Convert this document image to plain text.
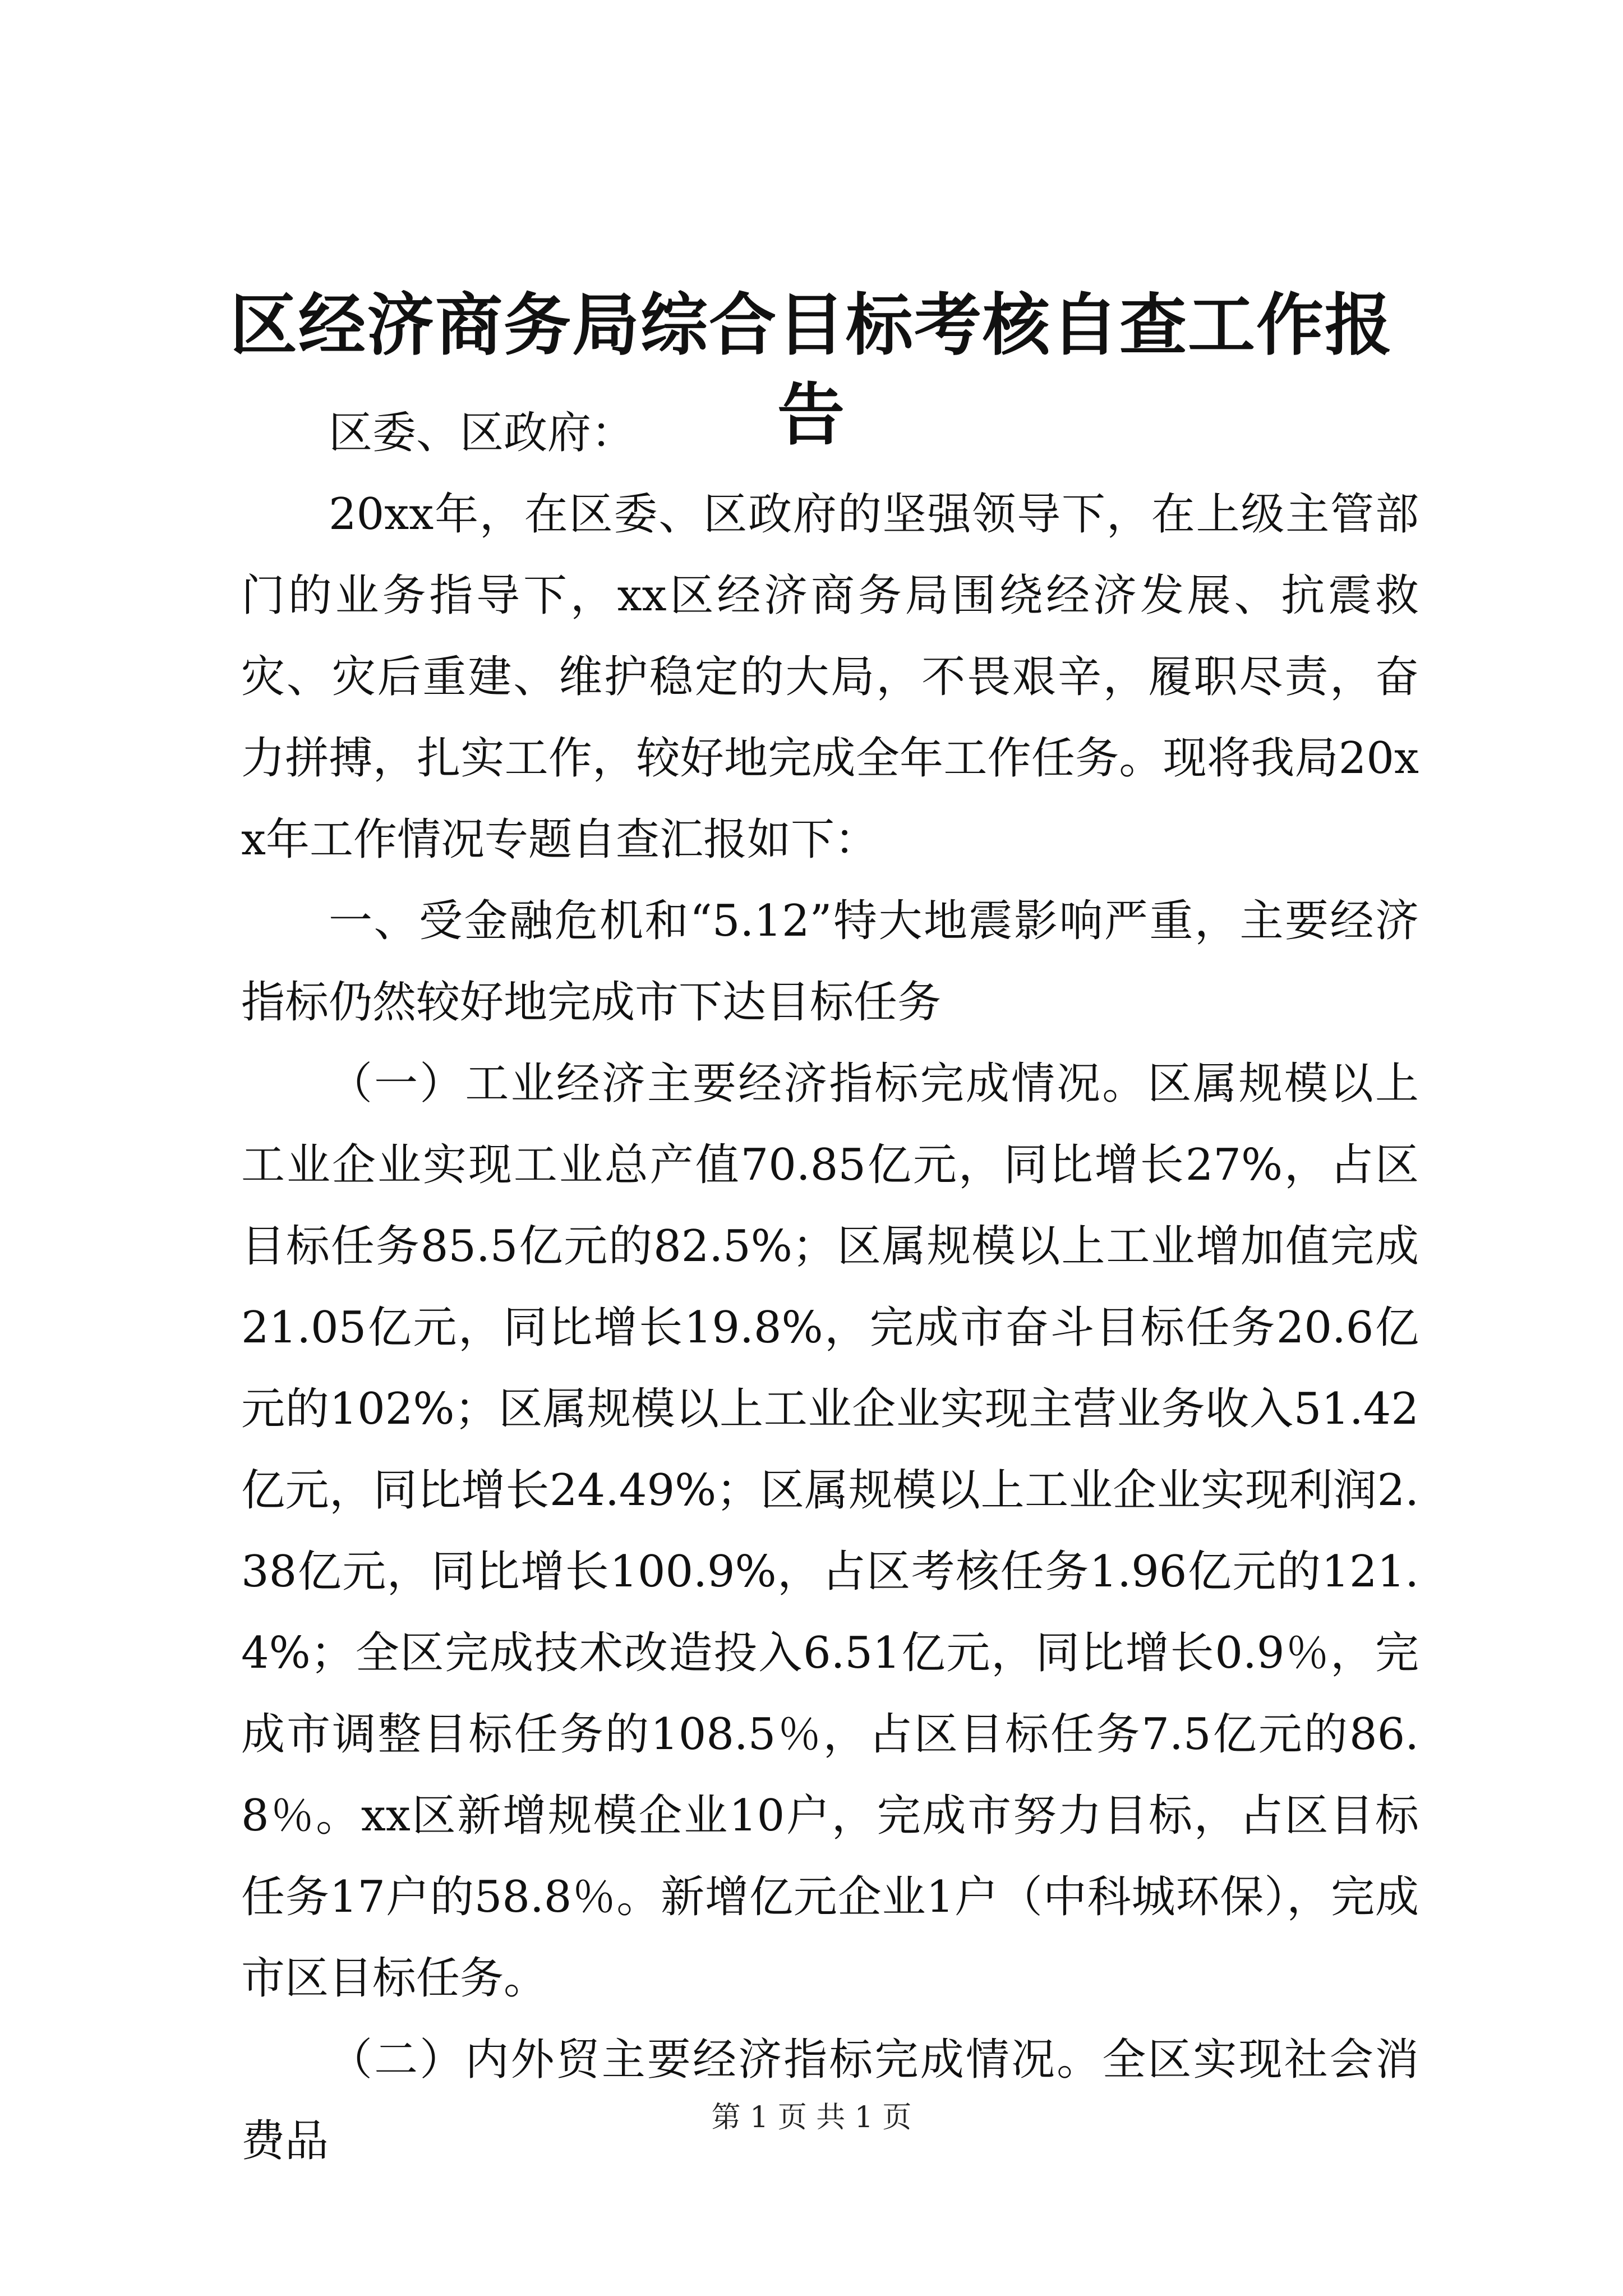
区经济商务局综合目标考核自查工作报告

区委、区政府：

20xx年，在区委、区政府的坚强领导下，在上级主管部门的业务指导下，xx区经济商务局围绕经济发展、抗震救灾、灾后重建、维护稳定的大局，不畏艰辛，履职尽责，奋力拼搏，扎实工作，较好地完成全年工作任务。现将我局20xx年工作情况专题自查汇报如下：

一、受金融危机和“5.12”特大地震影响严重，主要经济指标仍然较好地完成市下达目标任务

（一）工业经济主要经济指标完成情况。区属规模以上工业企业实现工业总产值70.85亿元，同比增长27%，占区目标任务85.5亿元的82.5%；区属规模以上工业增加值完成21.05亿元，同比增长19.8%，完成市奋斗目标任务20.6亿元的102%；区属规模以上工业企业实现主营业务收入51.42亿元，同比增长24.49%；区属规模以上工业企业实现利润2.38亿元，同比增长100.9%，占区考核任务1.96亿元的121.4%；全区完成技术改造投入6.51亿元，同比增长0.9％，完成市调整目标任务的108.5％，占区目标任务7.5亿元的86.8％。xx区新增规模企业10户，完成市努力目标，占区目标任务17户的58.8％。新增亿元企业1户（中科城环保），完成市区目标任务。

（二）内外贸主要经济指标完成情况。全区实现社会消费品	第 1 页 共 1 页
